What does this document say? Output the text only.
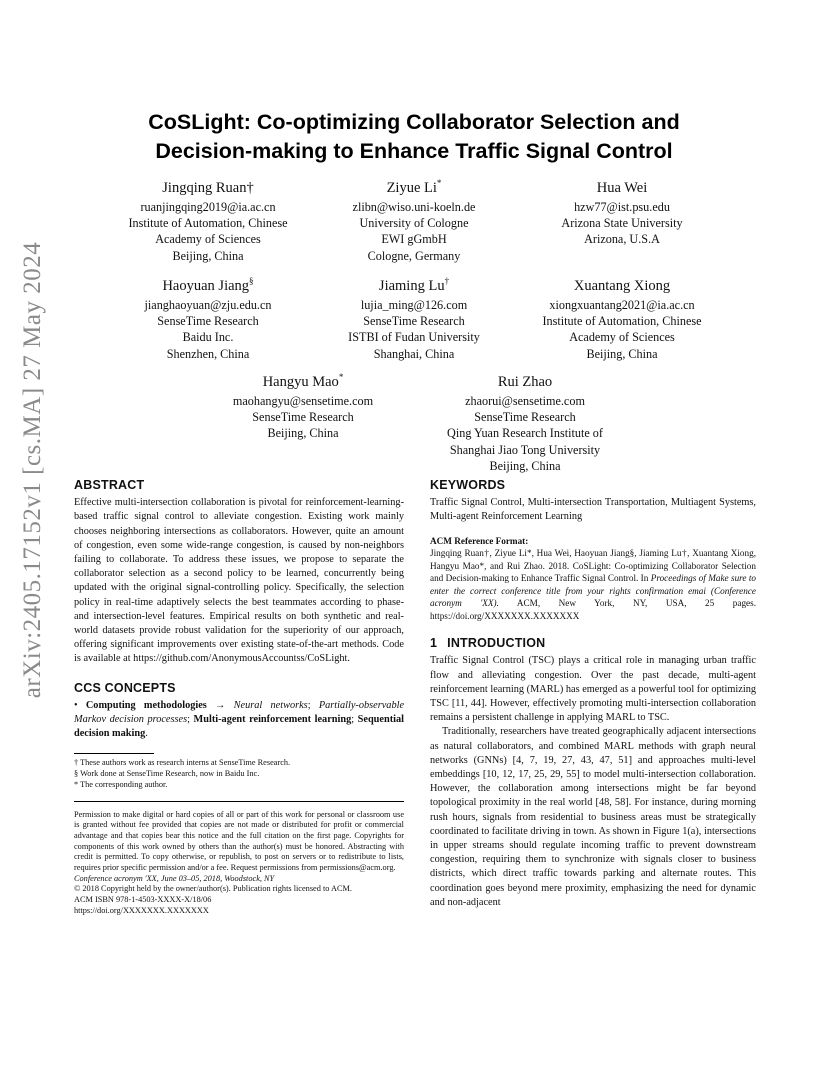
arXiv:2405.17152v1 [cs.MA] 27 May 2024
CoSLight: Co-optimizing Collaborator Selection and
Decision-making to Enhance Traffic Signal Control
Jingqing Ruan†
ruanjingqing2019@ia.ac.cn
Institute of Automation, Chinese
Academy of Sciences
Beijing, China
Ziyue Li*
zlibn@wiso.uni-koeln.de
University of Cologne
EWI gGmbH
Cologne, Germany
Hua Wei
hzw77@ist.psu.edu
Arizona State University
Arizona, U.S.A
Haoyuan Jiang§
jianghaoyuan@zju.edu.cn
SenseTime Research
Baidu Inc.
Shenzhen, China
Jiaming Lu†
lujia_ming@126.com
SenseTime Research
ISTBI of Fudan University
Shanghai, China
Xuantang Xiong
xiongxuantang2021@ia.ac.cn
Institute of Automation, Chinese
Academy of Sciences
Beijing, China
Hangyu Mao*
maohangyu@sensetime.com
SenseTime Research
Beijing, China
Rui Zhao
zhaorui@sensetime.com
SenseTime Research
Qing Yuan Research Institute of
Shanghai Jiao Tong University
Beijing, China
ABSTRACT

Effective multi-intersection collaboration is pivotal for reinforcement-learning-based traffic signal control to alleviate congestion. Existing work mainly chooses neighboring intersections as collaborators. However, quite an amount of congestion, even some wide-range congestion, is caused by non-neighbors failing to collaborate. To address these issues, we propose to separate the collaborator selection as a second policy to be learned, concurrently being updated with the original signal-controlling policy. Specifically, the selection policy in real-time adaptively selects the best teammates according to phase- and intersection-level features. Empirical results on both synthetic and real-world datasets provide robust validation for the superiority of our approach, offering significant improvements over existing state-of-the-art methods. Code is available at https://github.com/AnonymousAccountss/CoSLight.

CCS CONCEPTS

• Computing methodologies → Neural networks; Partially-observable Markov decision processes; Multi-agent reinforcement learning; Sequential decision making.

† These authors work as research interns at SenseTime Research.
§ Work done at SenseTime Research, now in Baidu Inc.
* The corresponding author.

Permission to make digital or hard copies of all or part of this work for personal or classroom use is granted without fee provided that copies are not made or distributed for profit or commercial advantage and that copies bear this notice and the full citation on the first page. Copyrights for components of this work owned by others than the author(s) must be honored. Abstracting with credit is permitted. To copy otherwise, or republish, to post on servers or to redistribute to lists, requires prior specific permission and/or a fee. Request permissions from permissions@acm.org.

Conference acronym 'XX, June 03–05, 2018, Woodstock, NY
© 2018 Copyright held by the owner/author(s). Publication rights licensed to ACM.
ACM ISBN 978-1-4503-XXXX-X/18/06
https://doi.org/XXXXXXX.XXXXXXX
KEYWORDS

Traffic Signal Control, Multi-intersection Transportation, Multiagent Systems, Multi-agent Reinforcement Learning

ACM Reference Format:

Jingqing Ruan†, Ziyue Li*, Hua Wei, Haoyuan Jiang§, Jiaming Lu†, Xuantang Xiong, Hangyu Mao*, and Rui Zhao. 2018. CoSLight: Co-optimizing Collaborator Selection and Decision-making to Enhance Traffic Signal Control. In Proceedings of Make sure to enter the correct conference title from your rights confirmation emai (Conference acronym 'XX). ACM, New York, NY, USA, 25 pages. https://doi.org/XXXXXXX.XXXXXXX

1 INTRODUCTION

Traffic Signal Control (TSC) plays a critical role in managing urban traffic flow and alleviating congestion. Over the past decade, multi-agent reinforcement learning (MARL) has emerged as a powerful tool for optimizing TSC [11, 44]. However, effectively promoting multi-intersection collaboration remains a persistent challenge in applying MARL to TSC.

Traditionally, researchers have treated geographically adjacent intersections as natural collaborators, and combined MARL methods with graph neural networks (GNNs) [4, 7, 19, 27, 43, 47, 51] and approaches multi-level embeddings [10, 12, 17, 25, 29, 55] to model multi-intersection collaboration. However, the collaboration among intersections might be far beyond topological proximity in the real world [48, 58]. For instance, during morning rush hours, signals from residential to business areas must be strategically coordinated to facilitate driving in town. As shown in Figure 1(a), intersections in upper streams should regulate incoming traffic to prevent downstream congestion, requiring them to synchronize with signals closer to business districts, which direct traffic towards parking and alternate routes. This coordination goes beyond mere proximity, emphasizing the need for dynamic and non-adjacent
